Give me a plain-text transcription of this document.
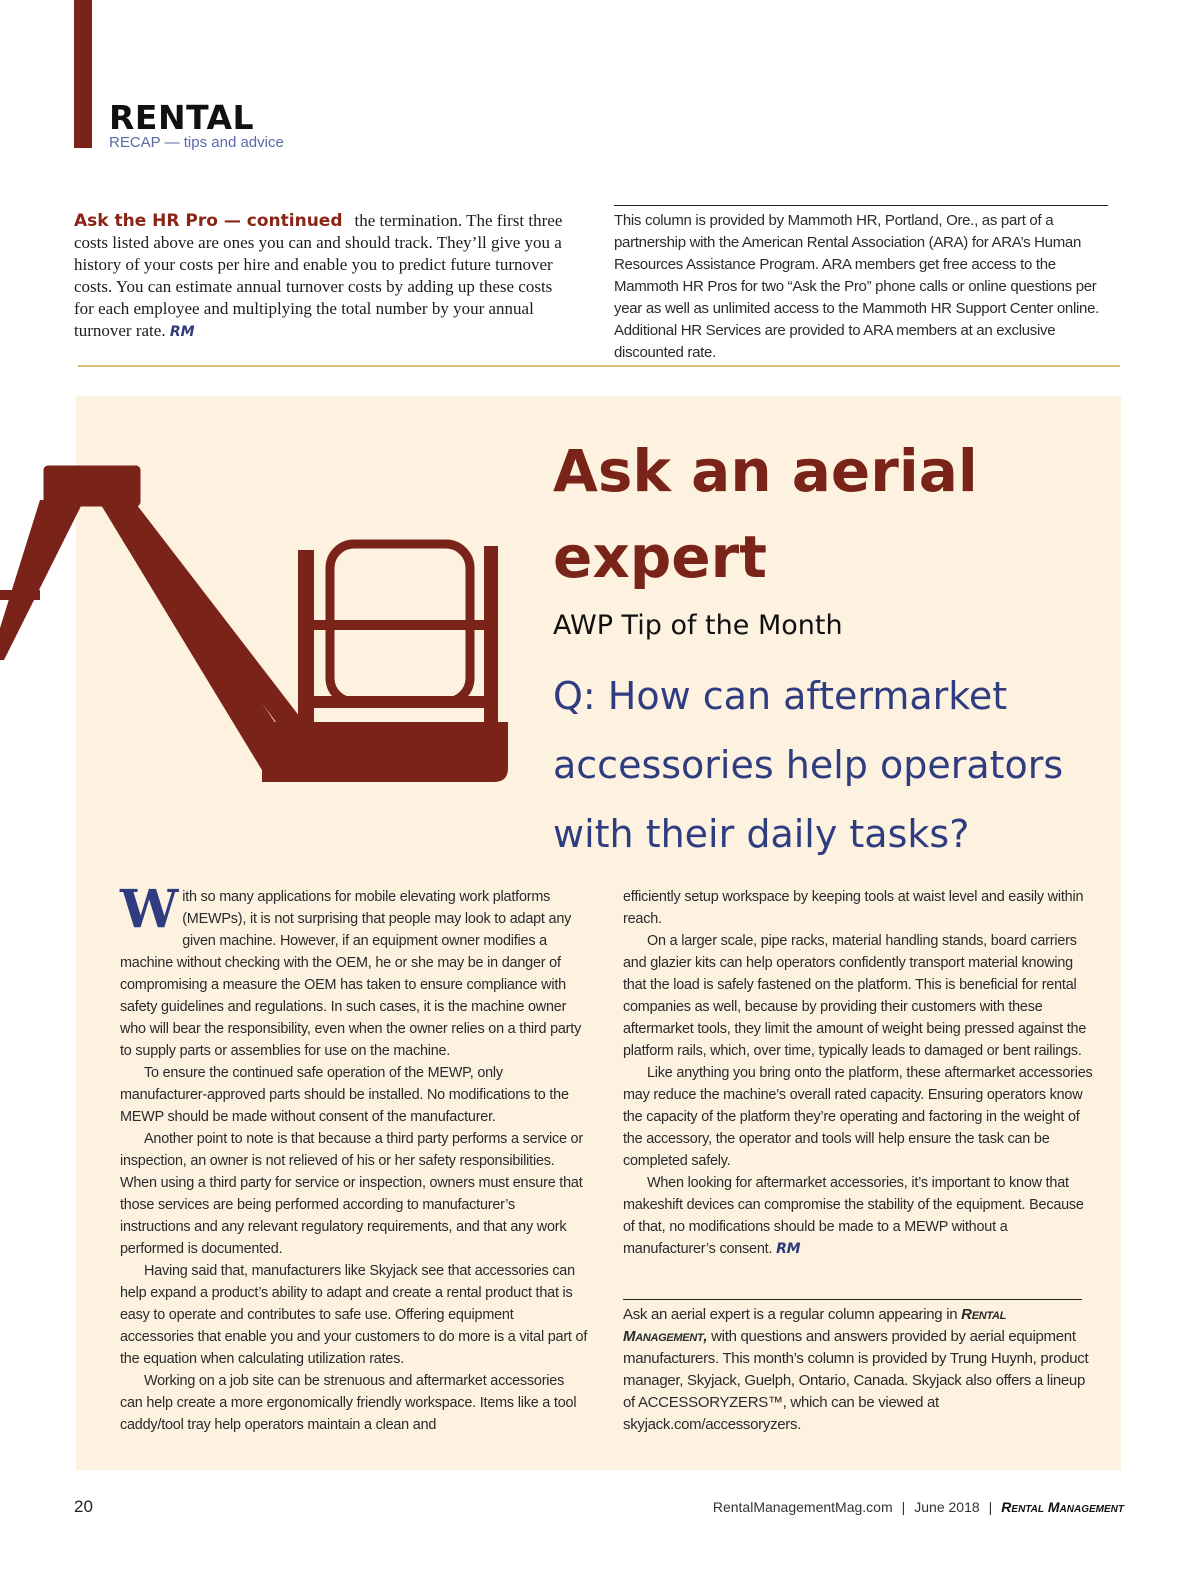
RENTAL
RECAP — tips and advice
Ask the HR Pro — continued the termination. The first three costs listed above are ones you can and should track. They’ll give you a history of your costs per hire and enable you to predict future turnover costs. You can estimate annual turnover costs by adding up these costs for each employee and multiplying the total number by your annual turnover rate. RM
This column is provided by Mammoth HR, Portland, Ore., as part of a partnership with the American Rental Association (ARA) for ARA’s Human Resources Assistance Program. ARA members get free access to the Mammoth HR Pros for two “Ask the Pro” phone calls or online questions per year as well as unlimited access to the Mammoth HR Support Center online. Additional HR Services are provided to ARA members at an exclusive discounted rate.
Ask an aerial expert
AWP Tip of the Month
Q: How can aftermarket accessories help operators with their daily tasks?

With so many applications for mobile elevating work platforms (MEWPs), it is not surprising that people may look to adapt any given machine. However, if an equipment owner modifies a machine without checking with the OEM, he or she may be in danger of compromising a measure the OEM has taken to ensure compliance with safety guidelines and regulations. In such cases, it is the machine owner who will bear the responsibility, even when the owner relies on a third party to supply parts or assemblies for use on the machine.

To ensure the continued safe operation of the MEWP, only manufacturer-approved parts should be installed. No modifications to the MEWP should be made without consent of the manufacturer.

Another point to note is that because a third party performs a service or inspection, an owner is not relieved of his or her safety responsibilities. When using a third party for service or inspection, owners must ensure that those services are being performed according to manufacturer’s instructions and any relevant regulatory requirements, and that any work performed is documented.

Having said that, manufacturers like Skyjack see that accessories can help expand a product’s ability to adapt and create a rental product that is easy to operate and contributes to safe use. Offering equipment accessories that enable you and your customers to do more is a vital part of the equation when calculating utilization rates.

Working on a job site can be strenuous and aftermarket accessories can help create a more ergonomically friendly workspace. Items like a tool caddy/tool tray help operators maintain a clean and

efficiently setup workspace by keeping tools at waist level and easily within reach.

On a larger scale, pipe racks, material handling stands, board carriers and glazier kits can help operators confidently transport material knowing that the load is safely fastened on the platform. This is beneficial for rental companies as well, because by providing their customers with these aftermarket tools, they limit the amount of weight being pressed against the platform rails, which, over time, typically leads to damaged or bent railings.

Like anything you bring onto the platform, these aftermarket accessories may reduce the machine’s overall rated capacity. Ensuring operators know the capacity of the platform they’re operating and factoring in the weight of the accessory, the operator and tools will help ensure the task can be completed safely.

When looking for aftermarket accessories, it’s important to know that makeshift devices can compromise the stability of the equipment. Because of that, no modifications should be made to a MEWP without a manufacturer’s consent. RM

Ask an aerial expert is a regular column appearing in Rental Management, with questions and answers provided by aerial equipment manufacturers. This month’s column is provided by Trung Huynh, product manager, Skyjack, Guelph, Ontario, Canada. Skyjack also offers a lineup of ACCESSORYZERS™, which can be viewed at skyjack.com/accessoryzers.
20	RentalManagementMag.com | June 2018 | Rental Management
